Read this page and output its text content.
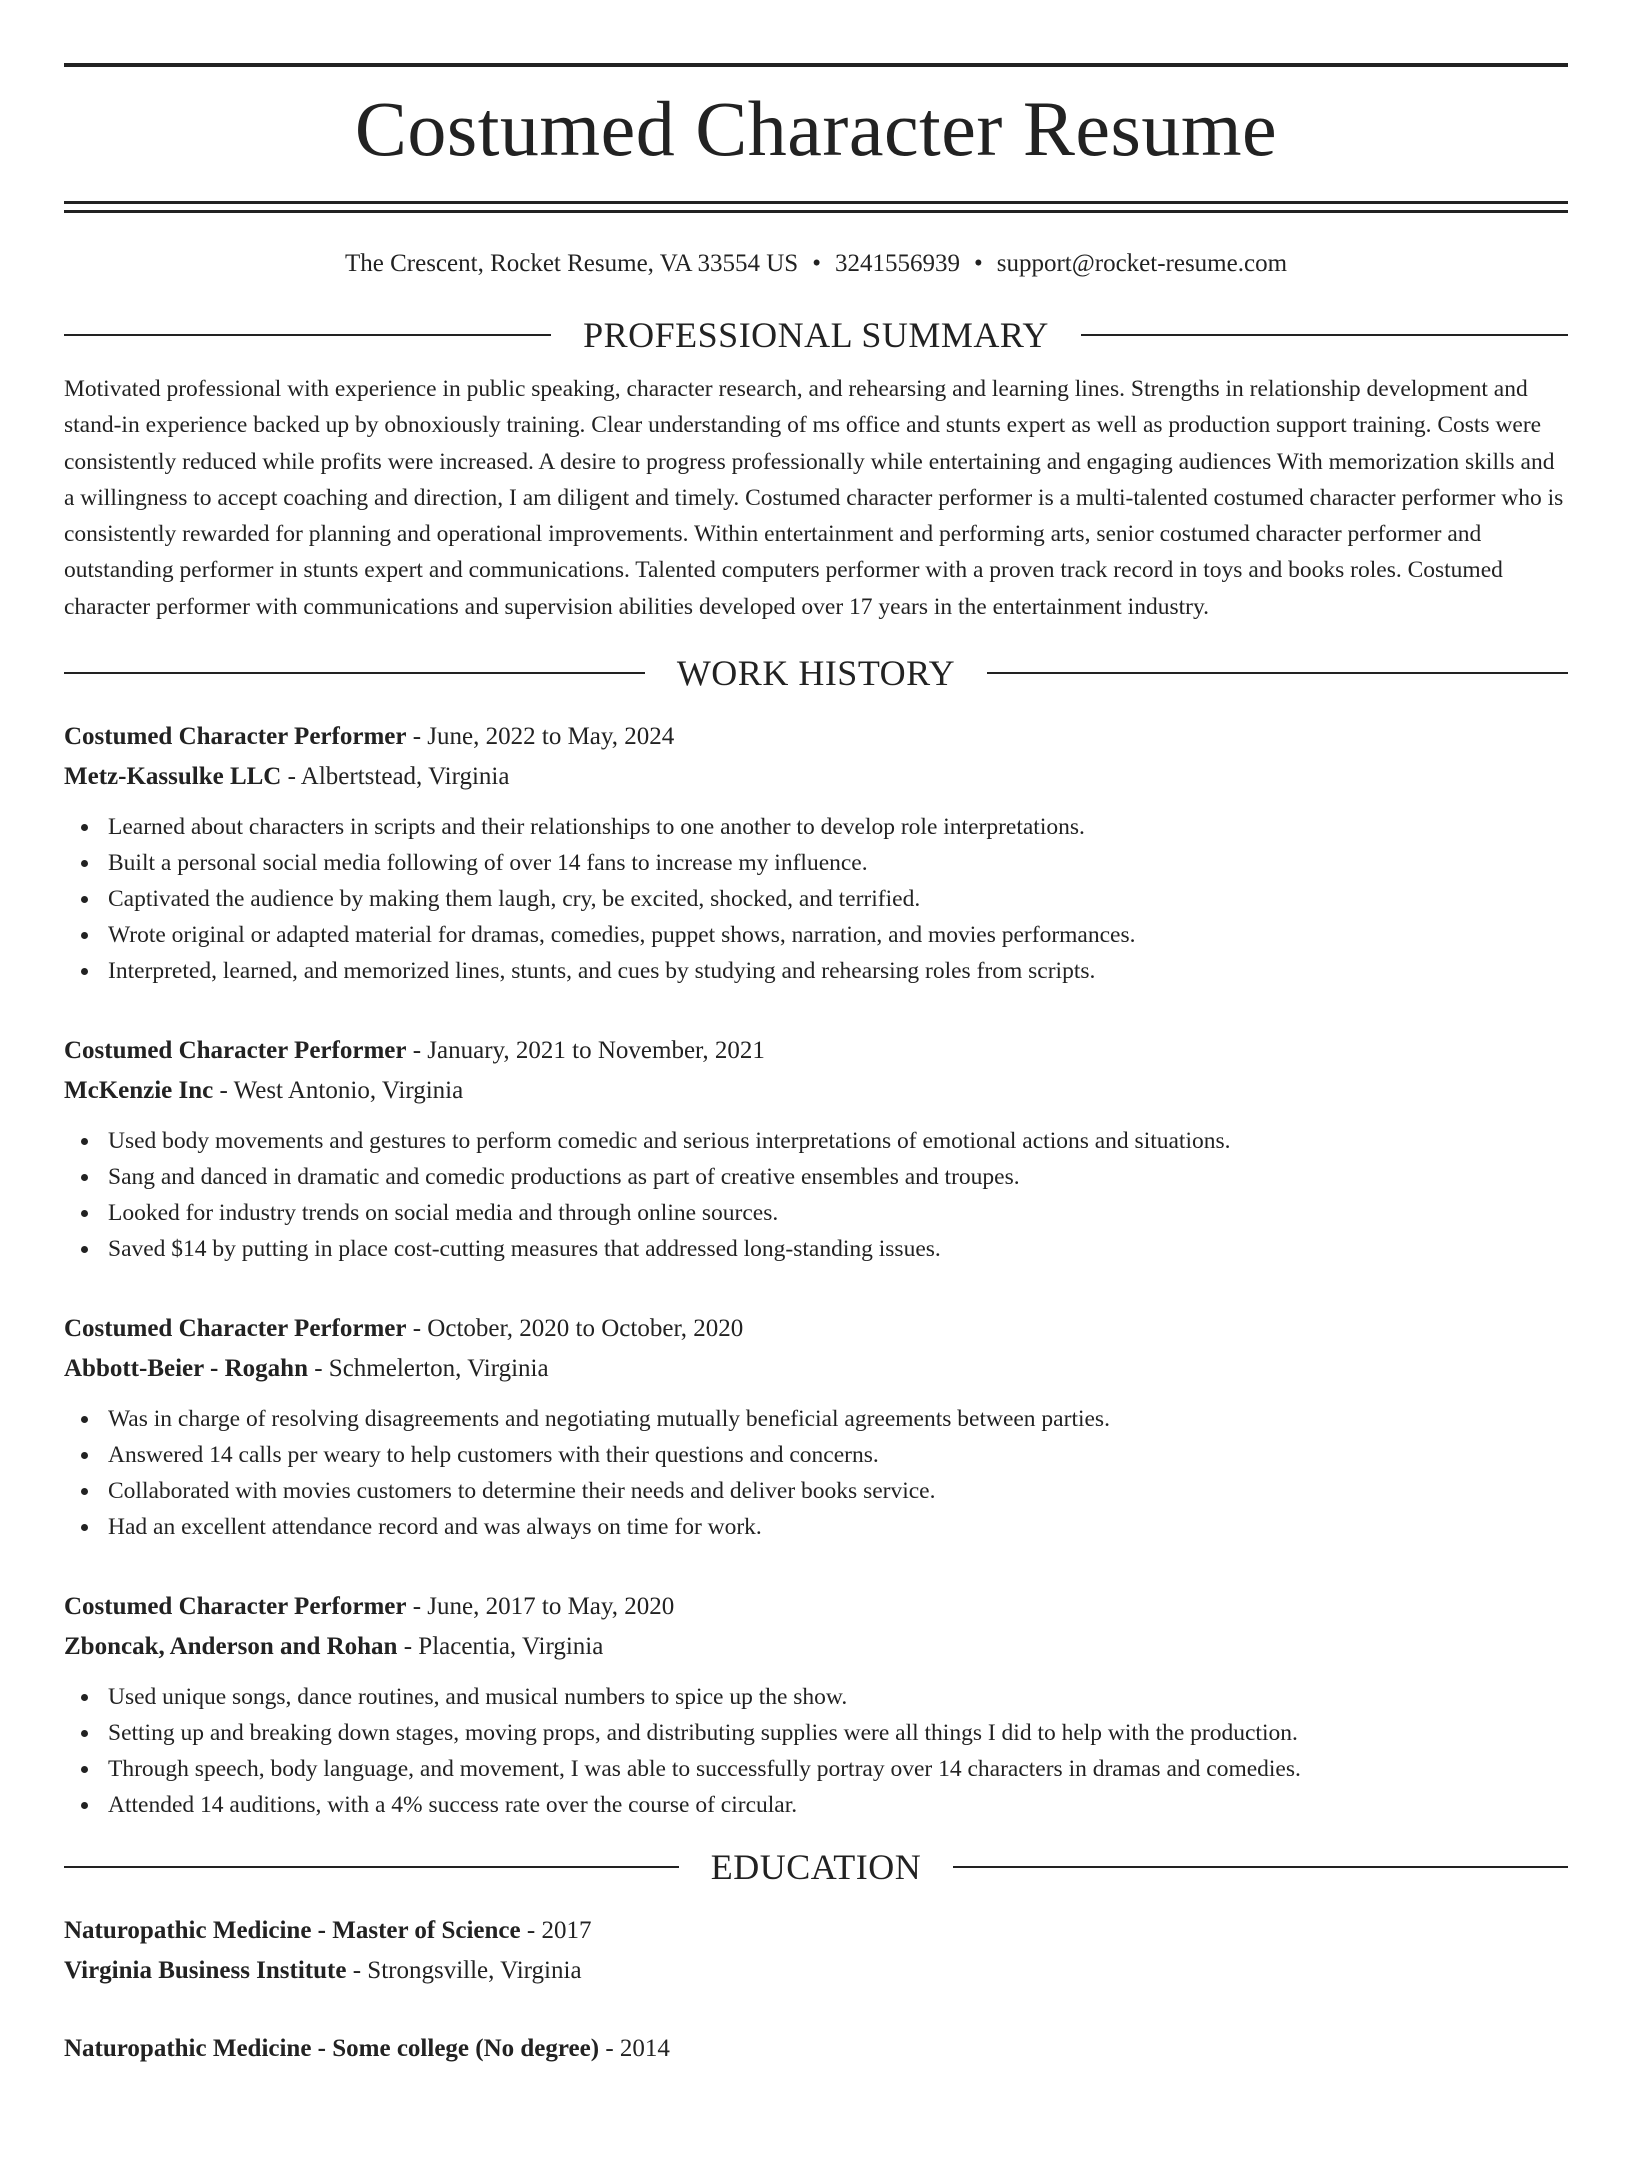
Costumed Character Resume
The Crescent, Rocket Resume, VA 33554 US • 3241556939 • support@rocket-resume.com
PROFESSIONAL SUMMARY
Motivated professional with experience in public speaking, character research, and rehearsing and learning lines. Strengths in relationship development and stand-in experience backed up by obnoxiously training. Clear understanding of ms office and stunts expert as well as production support training. Costs were consistently reduced while profits were increased. A desire to progress professionally while entertaining and engaging audiences With memorization skills and a willingness to accept coaching and direction, I am diligent and timely. Costumed character performer is a multi-talented costumed character performer who is consistently rewarded for planning and operational improvements. Within entertainment and performing arts, senior costumed character performer and outstanding performer in stunts expert and communications. Talented computers performer with a proven track record in toys and books roles. Costumed character performer with communications and supervision abilities developed over 17 years in the entertainment industry.
WORK HISTORY
Costumed Character Performer - June, 2022 to May, 2024
Metz-Kassulke LLC - Albertstead, Virginia
Learned about characters in scripts and their relationships to one another to develop role interpretations.
Built a personal social media following of over 14 fans to increase my influence.
Captivated the audience by making them laugh, cry, be excited, shocked, and terrified.
Wrote original or adapted material for dramas, comedies, puppet shows, narration, and movies performances.
Interpreted, learned, and memorized lines, stunts, and cues by studying and rehearsing roles from scripts.
Costumed Character Performer - January, 2021 to November, 2021
McKenzie Inc - West Antonio, Virginia
Used body movements and gestures to perform comedic and serious interpretations of emotional actions and situations.
Sang and danced in dramatic and comedic productions as part of creative ensembles and troupes.
Looked for industry trends on social media and through online sources.
Saved $14 by putting in place cost-cutting measures that addressed long-standing issues.
Costumed Character Performer - October, 2020 to October, 2020
Abbott-Beier - Rogahn - Schmelerton, Virginia
Was in charge of resolving disagreements and negotiating mutually beneficial agreements between parties.
Answered 14 calls per weary to help customers with their questions and concerns.
Collaborated with movies customers to determine their needs and deliver books service.
Had an excellent attendance record and was always on time for work.
Costumed Character Performer - June, 2017 to May, 2020
Zboncak, Anderson and Rohan - Placentia, Virginia
Used unique songs, dance routines, and musical numbers to spice up the show.
Setting up and breaking down stages, moving props, and distributing supplies were all things I did to help with the production.
Through speech, body language, and movement, I was able to successfully portray over 14 characters in dramas and comedies.
Attended 14 auditions, with a 4% success rate over the course of circular.
EDUCATION
Naturopathic Medicine - Master of Science - 2017
Virginia Business Institute - Strongsville, Virginia
Naturopathic Medicine - Some college (No degree) - 2014
